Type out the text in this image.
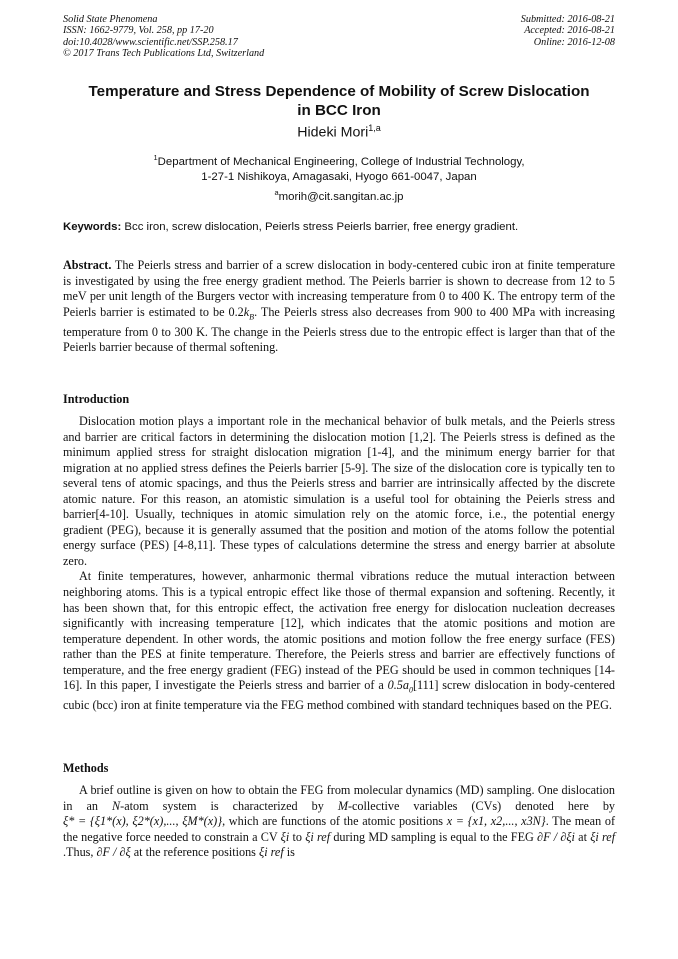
Solid State Phenomena
ISSN: 1662-9779, Vol. 258, pp 17-20
doi:10.4028/www.scientific.net/SSP.258.17
© 2017 Trans Tech Publications Ltd, Switzerland
Submitted: 2016-08-21
Accepted: 2016-08-21
Online: 2016-12-08
Temperature and Stress Dependence of Mobility of Screw Dislocation
in BCC Iron
Hideki Mori$^{1,a}$
$^1$Department of Mechanical Engineering, College of Industrial Technology,
1-27-1 Nishikoya, Amagasaki, Hyogo 661-0047, Japan
$^a$morih@cit.sangitan.ac.jp
Keywords: Bcc iron, screw dislocation, Peierls stress Peierls barrier, free energy gradient.

Abstract. The Peierls stress and barrier of a screw dislocation in body-centered cubic iron at finite temperature is investigated by using the free energy gradient method. The Peierls barrier is shown to decrease from 12 to 5 meV per unit length of the Burgers vector with increasing temperature from 0 to 400 K. The entropy term of the Peierls barrier is estimated to be $0.2k_B$. The Peierls stress also decreases from 900 to 400 MPa with increasing temperature from 0 to 300 K. The change in the Peierls stress due to the entropic effect is larger than that of the Peierls barrier because of thermal softening.

Introduction

Dislocation motion plays a important role in the mechanical behavior of bulk metals, and the Peierls stress and barrier are critical factors in determining the dislocation motion [1,2]. The Peierls stress is defined as the minimum applied stress for straight dislocation migration [1-4], and the minimum energy barrier for that migration at no applied stress defines the Peierls barrier [5-9]. The size of the dislocation core is typically ten to several tens of atomic spacings, and thus the Peierls stress and barrier are intrinsically affected by the discrete atomic nature. For this reason, an atomistic simulation is a useful tool for obtaining the Peierls stress and barrier[4-10]. Usually, techniques in atomic simulation rely on the atomic force, i.e., the potential energy gradient (PEG), because it is generally assumed that the position and motion of the atoms follow the potential energy surface (PES) [4-8,11]. These types of calculations determine the stress and energy barrier at absolute zero.

At finite temperatures, however, anharmonic thermal vibrations reduce the mutual interaction between neighboring atoms. This is a typical entropic effect like those of thermal expansion and softening. Recently, it has been shown that, for this entropic effect, the activation free energy for dislocation nucleation decreases significantly with increasing temperature [12], which indicates that the atomic positions and motion are temperature dependent. In other words, the atomic positions and motion follow the free energy surface (FES) rather than the PES at finite temperature. Therefore, the Peierls stress and barrier are effectively functions of temperature, and the free energy gradient (FEG) instead of the PEG should be used in common techniques [14-16]. In this paper, I investigate the Peierls stress and barrier of a $0.5a_0[111]$ screw dislocation in body-centered cubic (bcc) iron at finite temperature via the FEG method combined with standard techniques based on the PEG.

Methods

A brief outline is given on how to obtain the FEG from molecular dynamics (MD) sampling. One dislocation in an N-atom system is characterized by M-collective variables (CVs) denoted here by ξ* = {ξ1*(x), ξ2*(x),..., ξM*(x)}, which are functions of the atomic positions x = {x1, x2,..., x3N}. The mean of the negative force needed to constrain a CV ξi to ξi ref during MD sampling is equal to the FEG ∂F / ∂ξi at ξi ref .Thus, ∂F / ∂ξ at the reference positions ξi ref is
